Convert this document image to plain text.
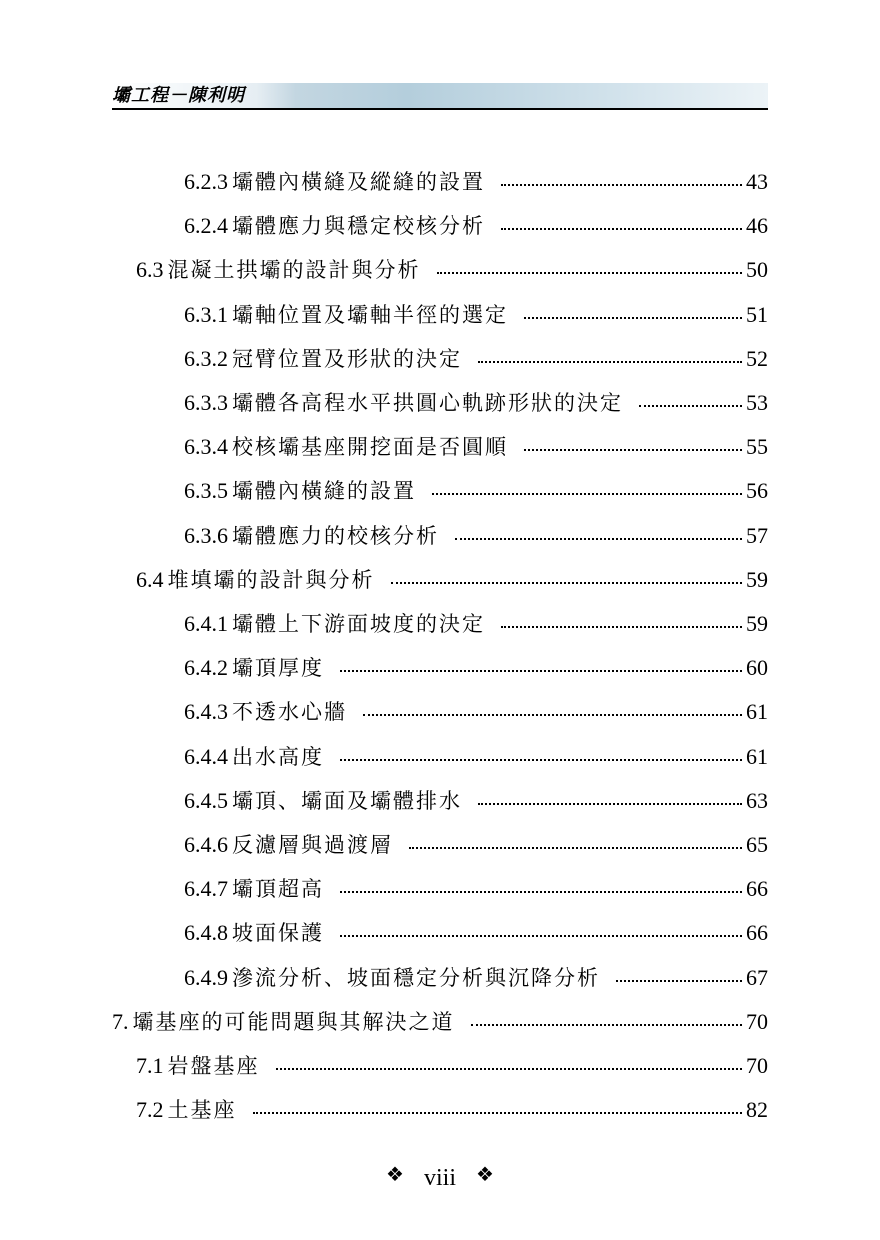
壩工程－陳利明
6.2.3 壩體內橫縫及縱縫的設置	43
6.2.4 壩體應力與穩定校核分析	46
6.3 混凝土拱壩的設計與分析	50
6.3.1 壩軸位置及壩軸半徑的選定	51
6.3.2 冠臂位置及形狀的決定	52
6.3.3 壩體各高程水平拱圓心軌跡形狀的決定	53
6.3.4 校核壩基座開挖面是否圓順	55
6.3.5 壩體內橫縫的設置	56
6.3.6 壩體應力的校核分析	57
6.4 堆填壩的設計與分析	59
6.4.1 壩體上下游面坡度的決定	59
6.4.2 壩頂厚度	60
6.4.3 不透水心牆	61
6.4.4 出水高度	61
6.4.5 壩頂、壩面及壩體排水	63
6.4.6 反濾層與過渡層	65
6.4.7 壩頂超高	66
6.4.8 坡面保護	66
6.4.9 滲流分析、坡面穩定分析與沉降分析	67
7. 壩基座的可能問題與其解決之道	70
7.1 岩盤基座	70
7.2 土基座	82
❖ viii ❖
